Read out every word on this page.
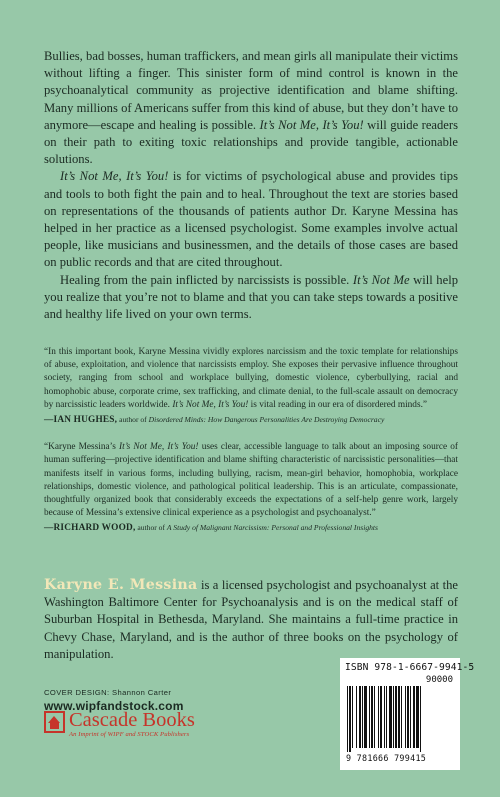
Bullies, bad bosses, human traffickers, and mean girls all manipulate their victims without lifting a finger. This sinister form of mind control is known in the psychoanalytical community as projective identification and blame shifting. Many millions of Americans suffer from this kind of abuse, but they don’t have to anymore—escape and healing is possible. It’s Not Me, It’s You! will guide readers on their path to exiting toxic relationships and provide tangible, actionable solutions.

It’s Not Me, It’s You! is for victims of psychological abuse and provides tips and tools to both fight the pain and to heal. Throughout the text are stories based on representations of the thousands of patients author Dr. Karyne Messina has helped in her practice as a licensed psychologist. Some examples involve actual people, like musicians and businessmen, and the details of those cases are based on public records and that are cited throughout.

Healing from the pain inflicted by narcissists is possible. It’s Not Me will help you realize that you’re not to blame and that you can take steps towards a positive and healthy life lived on your own terms.

“In this important book, Karyne Messina vividly explores narcissism and the toxic template for relationships of abuse, exploitation, and violence that narcissists employ. She exposes their pervasive influence throughout society, ranging from school and workplace bullying, domestic violence, cyberbullying, racial and homophobic abuse, corporate crime, sex trafficking, and climate denial, to the full-scale assault on democracy by narcissistic leaders worldwide. It’s Not Me, It’s You! is vital reading in our era of disordered minds.”
—IAN HUGHES, author of Disordered Minds: How Dangerous Personalities Are Destroying Democracy
“Karyne Messina’s It’s Not Me, It’s You! uses clear, accessible language to talk about an imposing source of human suffering—projective identification and blame shifting characteristic of narcissistic personalities—that manifests itself in various forms, including bullying, racism, mean-girl behavior, homophobia, workplace relationships, domestic violence, and pathological political leadership. This is an articulate, compassionate, thoughtfully organized book that considerably exceeds the expectations of a self-help genre work, largely because of Messina’s extensive clinical experience as a psychologist and psychoanalyst.”
—RICHARD WOOD, author of A Study of Malignant Narcissism: Personal and Professional Insights
Karyne E. Messina is a licensed psychologist and psychoanalyst at the Washington Baltimore Center for Psychoanalysis and is on the medical staff of Suburban Hospital in Bethesda, Maryland. She maintains a full-time practice in Chevy Chase, Maryland, and is the author of three books on the psychology of manipulation.
COVER DESIGN: Shannon Carter
www.wipfandstock.com
Cascade Books
An Imprint of WIPF and STOCK Publishers
ISBN 978-1-6667-9941-5
90000
9 781666 799415
